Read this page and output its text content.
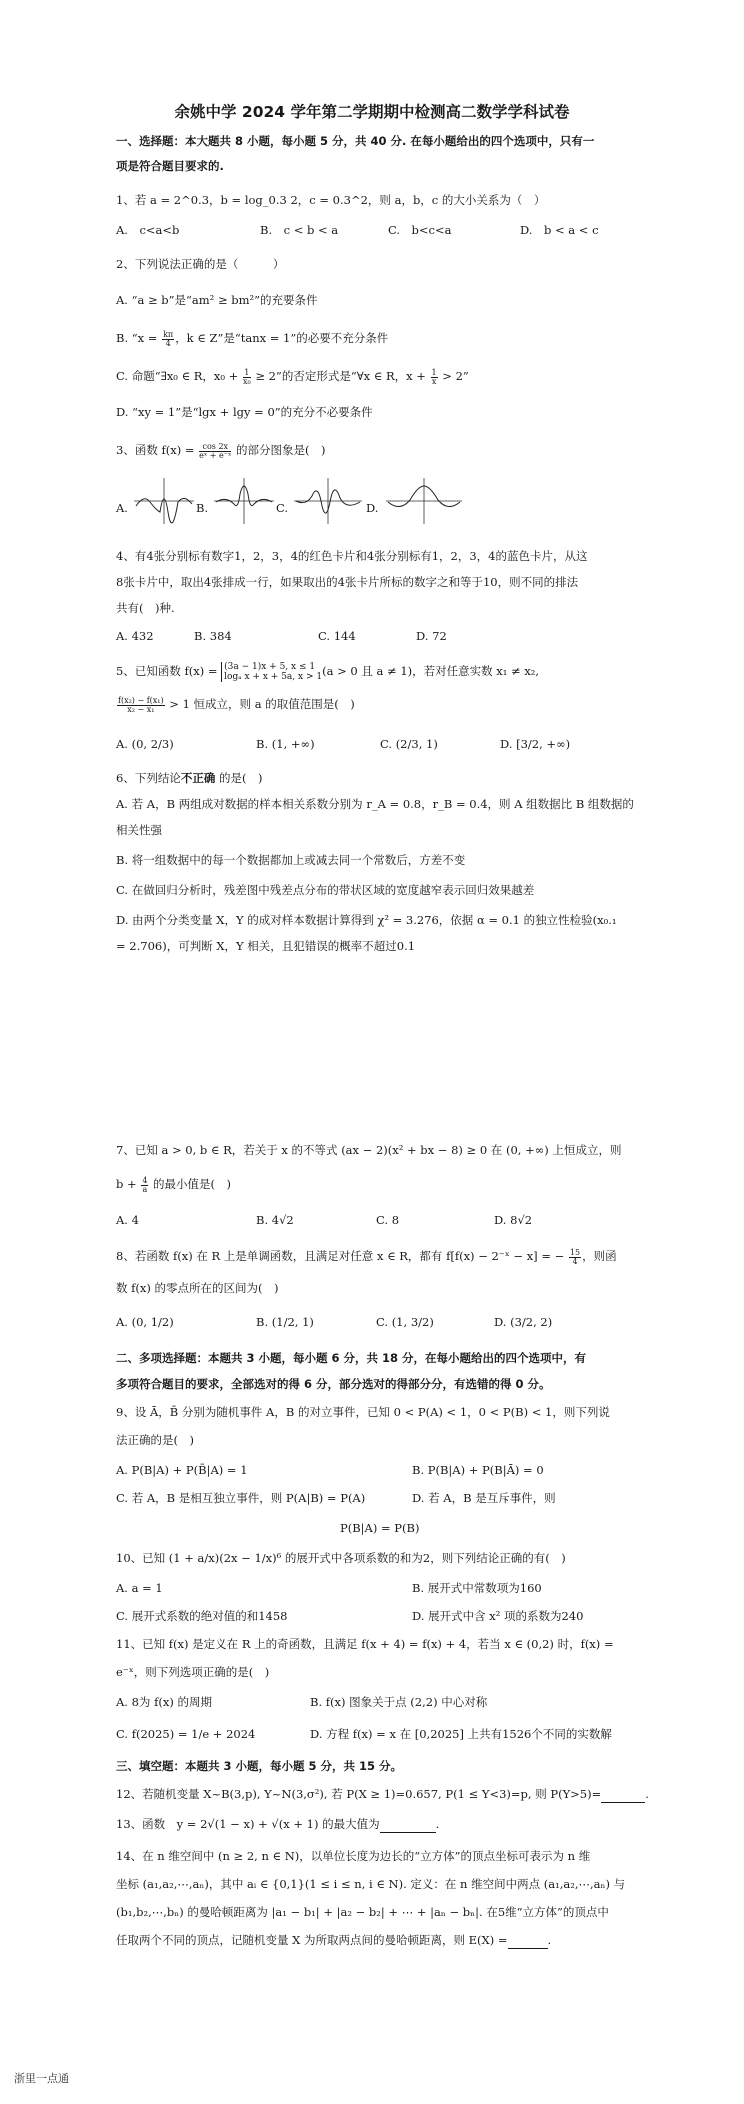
余姚中学 2024 学年第二学期期中检测高二数学学科试卷
一、选择题：本大题共 8 小题，每小题 5 分，共 40 分. 在每小题给出的四个选项中，只有一
项是符合题目要求的.
1、若 a = 2^0.3，b = log_0.3 2，c = 0.3^2，则 a，b，c 的大小关系为（　）
A.　c<a<b	B.　c < b < a	C.　b<c<a	D.　b < a < c
2、下列说法正确的是（　　　）
A. “a ≥ b”是“am² ≥ bm²”的充要条件
B. “$x = \frac{k\pi}{4}$ ，k ∈ Z”是“tanx = 1”的必要不充分条件
C. 命题“∃x₀ ∈ R，$x_0 + \frac{1}{\text{x₀}} \ge 2$”的否定形式是“∀x ∈ R，$x + \frac{1}{x} > 2$”
D. “xy = 1”是“lgx + lgy = 0”的充分不必要条件
3、函数 $f(x) = \frac{\cos 2x}{\text{eˣ + e⁻ˣ}}$ 的部分图象是(　)
A.	B.	C.	D.
4、有4张分别标有数字1，2，3，4的红色卡片和4张分别标有1，2，3，4的蓝色卡片，从这
8张卡片中，取出4张排成一行，如果取出的4张卡片所标的数字之和等于10，则不同的排法
共有(　)种.
A. 432	B. 384	C. 144	D. 72
5、已知函数 f(x) = (3a − 1)x + 5, x ≤ 1
logₐ x + x + 5a, x > 1 (a > 0 且 a ≠ 1)，若对任意实数 x₁ ≠ x₂,
$\frac{\text{f(x₂) − f(x₁)}}{\text{x₂ − x₁}} > 1$ 恒成立，则 a 的取值范围是(　)
A. (0, 2/3)	B. (1, +∞)	C. (2/3, 1)	D. [3/2, +∞)
6、下列结论不正确 的是(　)
A. 若 A，B 两组成对数据的样本相关系数分别为 r_A = 0.8，r_B = 0.4，则 A 组数据比 B 组数据的
相关性强
B. 将一组数据中的每一个数据都加上或减去同一个常数后，方差不变
C. 在做回归分析时，残差图中残差点分布的带状区域的宽度越窄表示回归效果越差
D. 由两个分类变量 X，Y 的成对样本数据计算得到 χ² = 3.276，依据 α = 0.1 的独立性检验(x₀.₁
= 2.706)，可判断 X，Y 相关，且犯错误的概率不超过0.1
7、已知 a > 0, b ∈ R，若关于 x 的不等式 (ax − 2)(x² + bx − 8) ≥ 0 在 (0, +∞) 上恒成立，则
$b + \frac{4}{a}$ 的最小值是(　)
A. 4	B. 4√2	C. 8	D. 8√2
8、若函数 f(x) 在 R 上是单调函数，且满足对任意 x ∈ R，都有 f[f(x) − 2⁻ˣ − x] = − $\frac{15}{4}$ ，则函
数 f(x) 的零点所在的区间为(　)
A. (0, 1/2)	B. (1/2, 1)	C. (1, 3/2)	D. (3/2, 2)
二、多项选择题：本题共 3 小题，每小题 6 分，共 18 分，在每小题给出的四个选项中，有
多项符合题目的要求，全部选对的得 6 分，部分选对的得部分分，有选错的得 0 分。
9、设 Ā，B̄ 分别为随机事件 A，B 的对立事件，已知 0 < P(A) < 1，0 < P(B) < 1，则下列说
法正确的是(　)
A. P(B|A) + P(B̄|A) = 1	B. P(B|A) + P(B|Ā) = 0
C. 若 A，B 是相互独立事件，则 P(A|B) = P(A)	D. 若 A，B 是互斥事件，则
P(B|A) = P(B)
10、已知 (1 + a/x)(2x − 1/x)⁶ 的展开式中各项系数的和为2，则下列结论正确的有(　)
A. a = 1	B. 展开式中常数项为160
C. 展开式系数的绝对值的和1458	D. 展开式中含 x² 项的系数为240
11、已知 f(x) 是定义在 R 上的奇函数，且满足 f(x + 4) = f(x) + 4，若当 x ∈ (0,2) 时，f(x) =
e⁻ˣ，则下列选项正确的是(　)
A. 8为 f(x) 的周期	B. f(x) 图象关于点 (2,2) 中心对称
C. f(2025) = 1/e + 2024	D. 方程 f(x) = x 在 [0,2025] 上共有1526个不同的实数解
三、填空题：本题共 3 小题，每小题 5 分，共 15 分。
12、若随机变量 X~B(3,p), Y~N(3,σ²), 若 P(X ≥ 1)=0.657, P(1 ≤ Y<3)=p, 则 P(Y>5)=	.
13、函数　y = 2√(1 − x) + √(x + 1) 的最大值为	.
14、在 n 维空间中 (n ≥ 2, n ∈ N)，以单位长度为边长的“立方体”的顶点坐标可表示为 n 维
坐标 (a₁,a₂,⋯,aₙ)，其中 aᵢ ∈ {0,1}(1 ≤ i ≤ n, i ∈ N). 定义：在 n 维空间中两点 (a₁,a₂,⋯,aₙ) 与
(b₁,b₂,⋯,bₙ) 的曼哈顿距离为 |a₁ − b₁| + |a₂ − b₂| + ⋯ + |aₙ − bₙ|. 在5维“立方体”的顶点中
任取两个不同的顶点，记随机变量 X 为所取两点间的曼哈顿距离，则 E(X) =	.
浙里一点通
